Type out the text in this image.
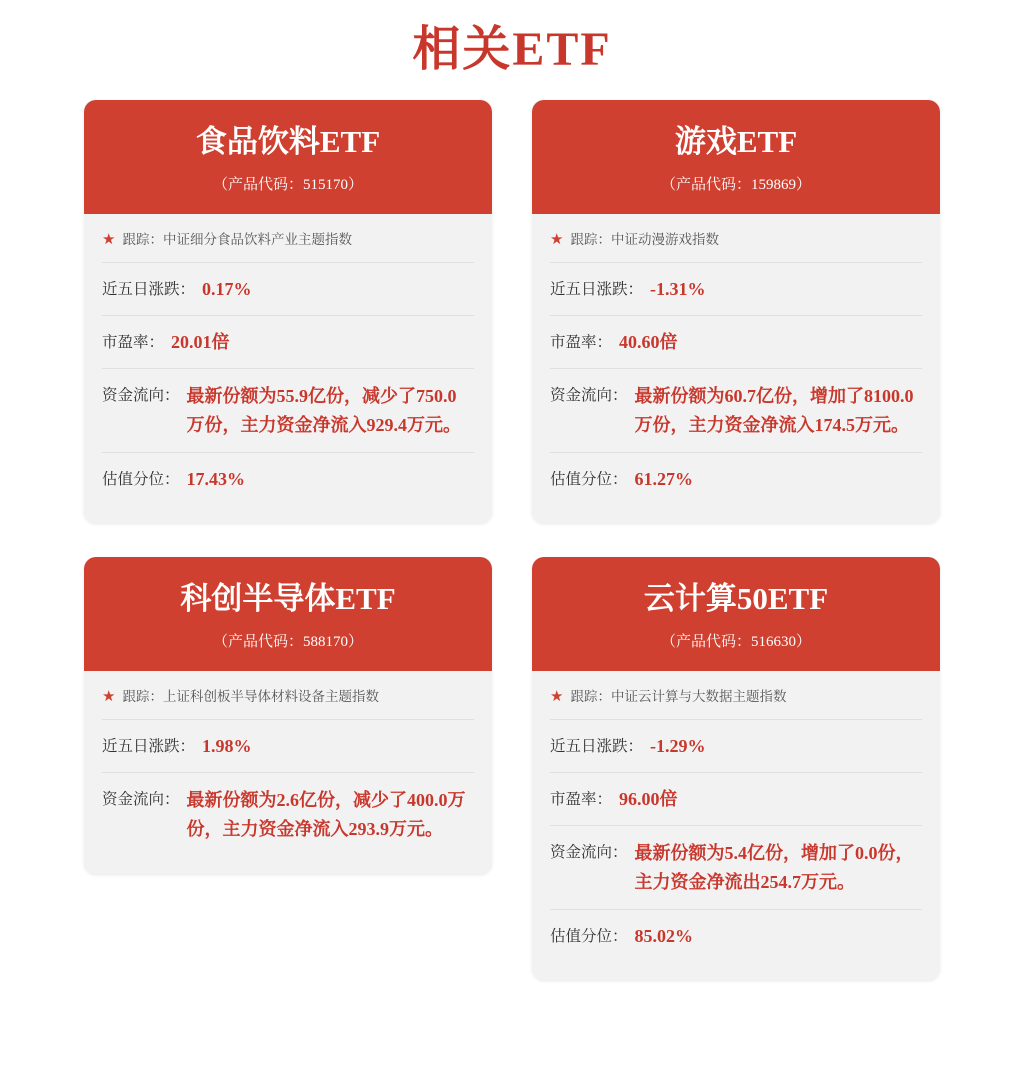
相关ETF
食品饮料ETF
（产品代码：515170）
★ 跟踪：中证细分食品饮料产业主题指数
近五日涨跌： 0.17%
市盈率： 20.01倍
资金流向： 最新份额为55.9亿份，减少了750.0万份，主力资金净流入929.4万元。
估值分位： 17.43%
游戏ETF
（产品代码：159869）
★ 跟踪：中证动漫游戏指数
近五日涨跌： -1.31%
市盈率： 40.60倍
资金流向： 最新份额为60.7亿份，增加了8100.0万份，主力资金净流入174.5万元。
估值分位： 61.27%
科创半导体ETF
（产品代码：588170）
★ 跟踪：上证科创板半导体材料设备主题指数
近五日涨跌： 1.98%
资金流向： 最新份额为2.6亿份，减少了400.0万份，主力资金净流入293.9万元。
云计算50ETF
（产品代码：516630）
★ 跟踪：中证云计算与大数据主题指数
近五日涨跌： -1.29%
市盈率： 96.00倍
资金流向： 最新份额为5.4亿份，增加了0.0份，主力资金净流出254.7万元。
估值分位： 85.02%
